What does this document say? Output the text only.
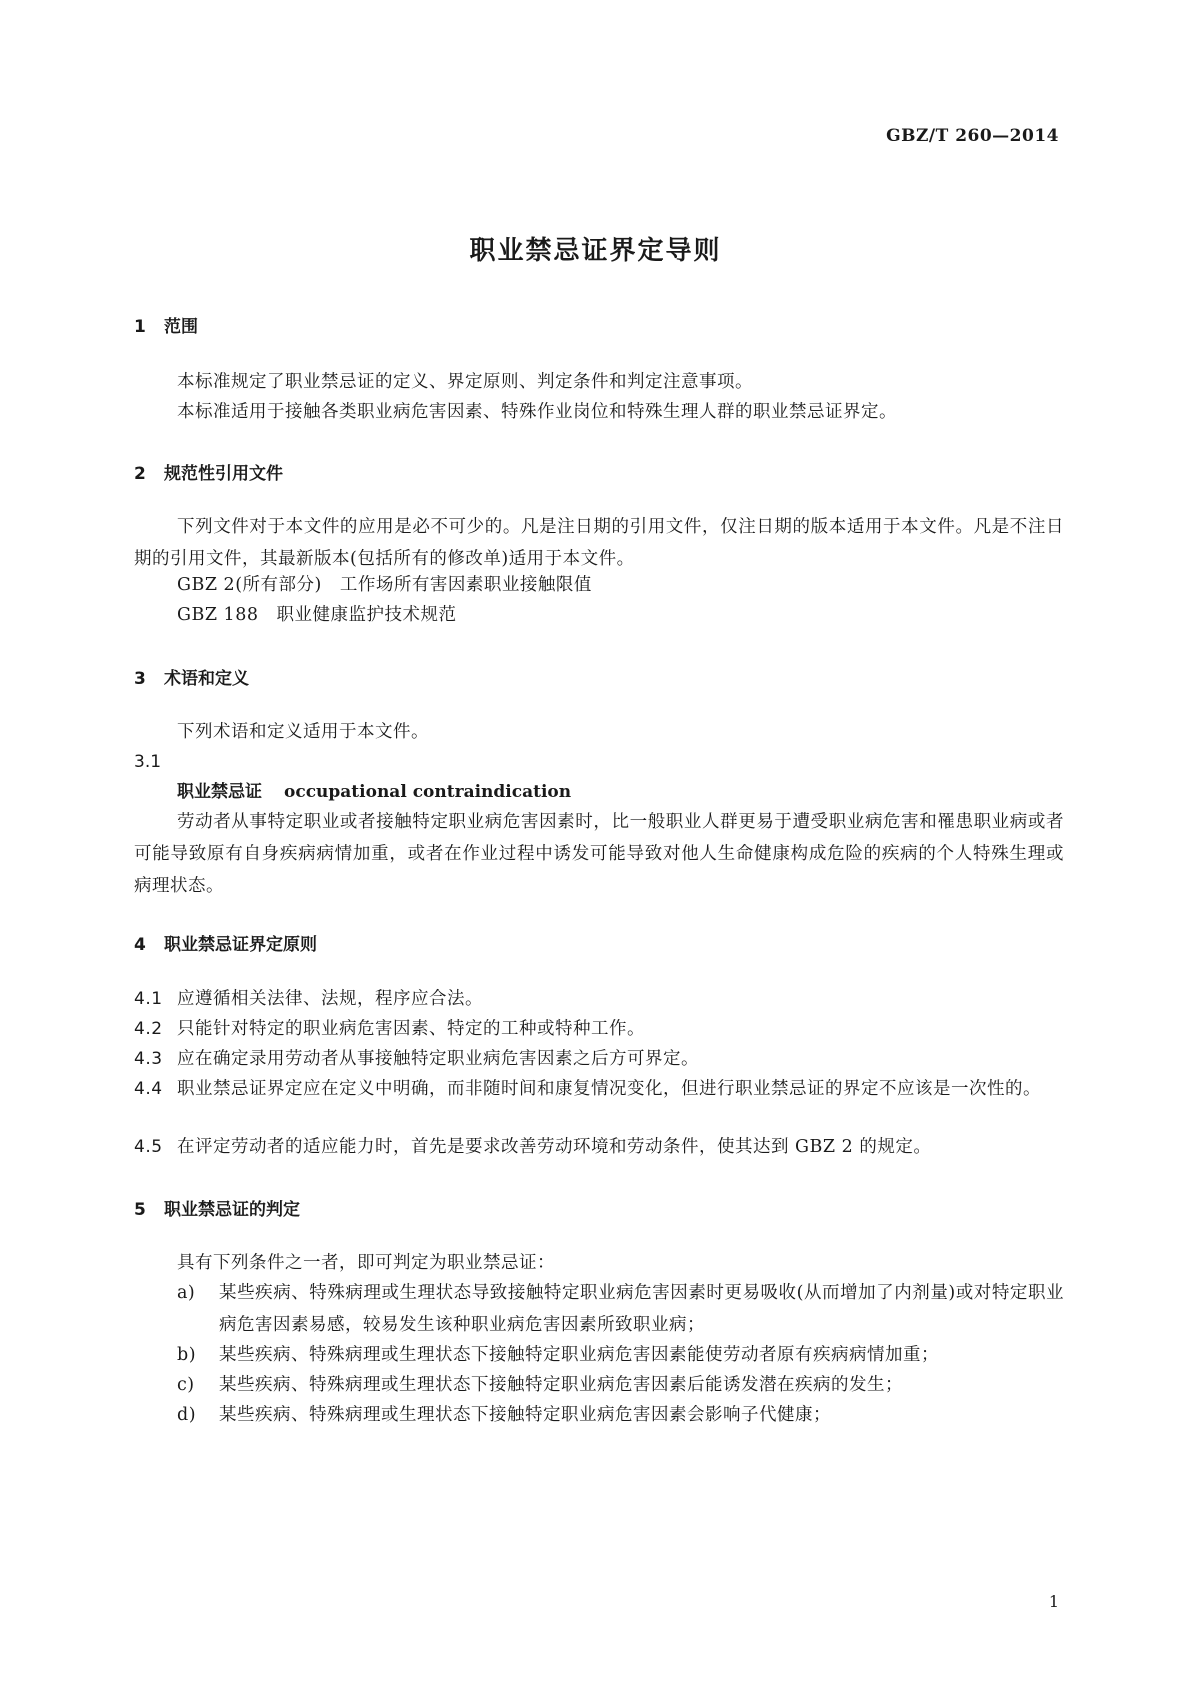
GBZ/T 260—2014
职业禁忌证界定导则
1 范围
本标准规定了职业禁忌证的定义、界定原则、判定条件和判定注意事项。
本标准适用于接触各类职业病危害因素、特殊作业岗位和特殊生理人群的职业禁忌证界定。
2 规范性引用文件
下列文件对于本文件的应用是必不可少的。凡是注日期的引用文件，仅注日期的版本适用于本文件。凡是不注日期的引用文件，其最新版本(包括所有的修改单)适用于本文件。
GBZ 2(所有部分)　工作场所有害因素职业接触限值
GBZ 188　职业健康监护技术规范
3 术语和定义
下列术语和定义适用于本文件。
3.1
职业禁忌证 occupational contraindication
劳动者从事特定职业或者接触特定职业病危害因素时，比一般职业人群更易于遭受职业病危害和罹患职业病或者可能导致原有自身疾病病情加重，或者在作业过程中诱发可能导致对他人生命健康构成危险的疾病的个人特殊生理或病理状态。
4 职业禁忌证界定原则
4.1 应遵循相关法律、法规，程序应合法。
4.2 只能针对特定的职业病危害因素、特定的工种或特种工作。
4.3 应在确定录用劳动者从事接触特定职业病危害因素之后方可界定。
4.4 职业禁忌证界定应在定义中明确，而非随时间和康复情况变化，但进行职业禁忌证的界定不应该是一次性的。
4.5 在评定劳动者的适应能力时，首先是要求改善劳动环境和劳动条件，使其达到 GBZ 2 的规定。
5 职业禁忌证的判定
具有下列条件之一者，即可判定为职业禁忌证：
a) 某些疾病、特殊病理或生理状态导致接触特定职业病危害因素时更易吸收(从而增加了内剂量)或对特定职业病危害因素易感，较易发生该种职业病危害因素所致职业病；
b) 某些疾病、特殊病理或生理状态下接触特定职业病危害因素能使劳动者原有疾病病情加重；
c) 某些疾病、特殊病理或生理状态下接触特定职业病危害因素后能诱发潜在疾病的发生；
d) 某些疾病、特殊病理或生理状态下接触特定职业病危害因素会影响子代健康；
1
